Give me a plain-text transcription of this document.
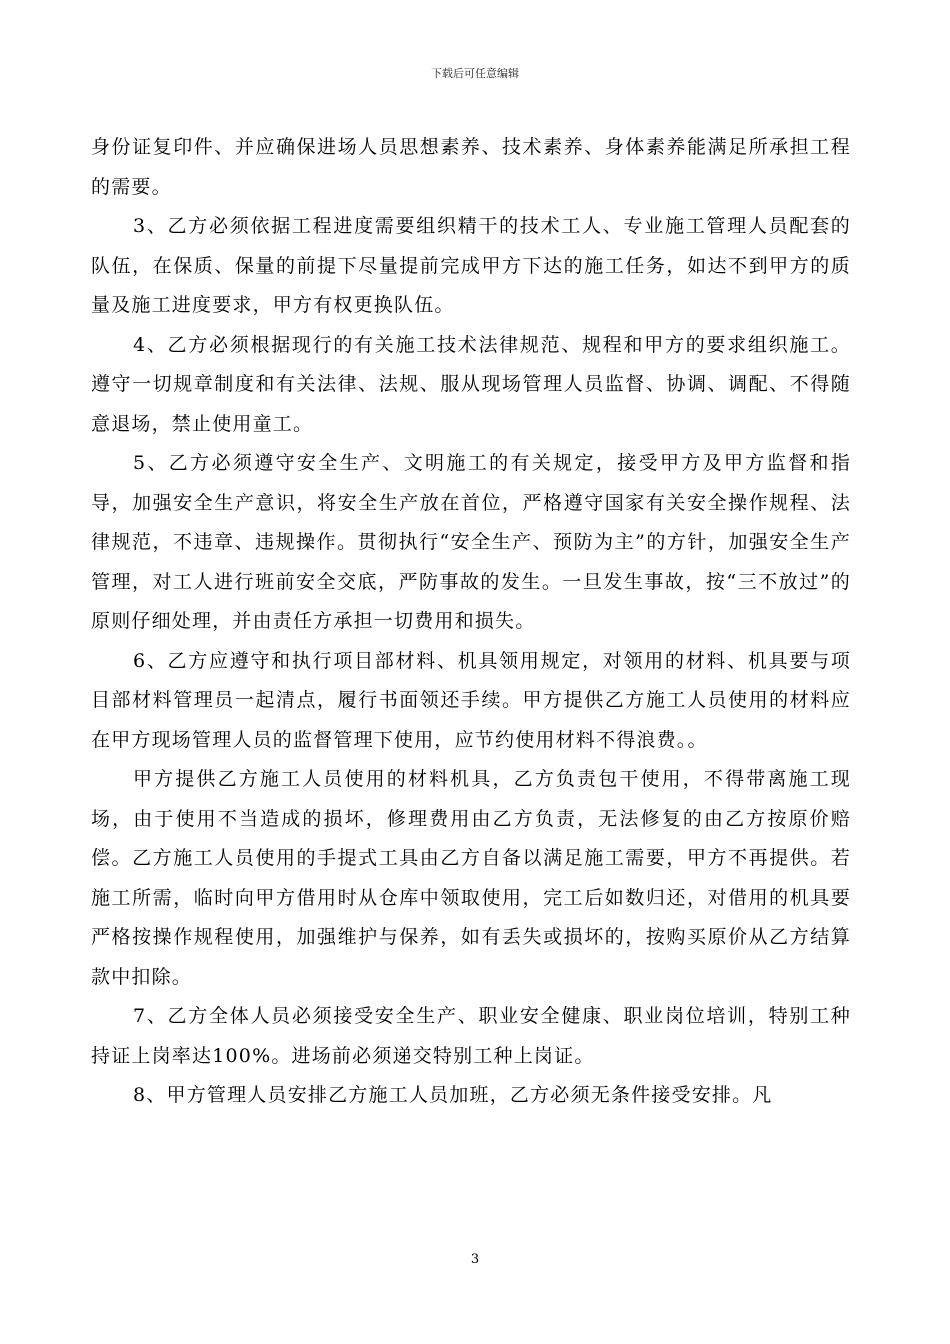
下载后可任意编辑

身份证复印件、并应确保进场人员思想素养、技术素养、身体素养能满足所承担工程的需要。

3、乙方必须依据工程进度需要组织精干的技术工人、专业施工管理人员配套的队伍，在保质、保量的前提下尽量提前完成甲方下达的施工任务，如达不到甲方的质量及施工进度要求，甲方有权更换队伍。

4、乙方必须根据现行的有关施工技术法律规范、规程和甲方的要求组织施工。遵守一切规章制度和有关法律、法规、服从现场管理人员监督、协调、调配、不得随意退场，禁止使用童工。

5、乙方必须遵守安全生产、文明施工的有关规定，接受甲方及甲方监督和指导，加强安全生产意识，将安全生产放在首位，严格遵守国家有关安全操作规程、法律规范，不违章、违规操作。贯彻执行“安全生产、预防为主”的方针，加强安全生产管理，对工人进行班前安全交底，严防事故的发生。一旦发生事故，按“三不放过”的原则仔细处理，并由责任方承担一切费用和损失。

6、乙方应遵守和执行项目部材料、机具领用规定，对领用的材料、机具要与项目部材料管理员一起清点，履行书面领还手续。甲方提供乙方施工人员使用的材料应在甲方现场管理人员的监督管理下使用，应节约使用材料不得浪费。。

甲方提供乙方施工人员使用的材料机具，乙方负责包干使用，不得带离施工现场，由于使用不当造成的损坏，修理费用由乙方负责，无法修复的由乙方按原价赔偿。乙方施工人员使用的手提式工具由乙方自备以满足施工需要，甲方不再提供。若施工所需，临时向甲方借用时从仓库中领取使用，完工后如数归还，对借用的机具要严格按操作规程使用，加强维护与保养，如有丢失或损坏的，按购买原价从乙方结算款中扣除。

7、乙方全体人员必须接受安全生产、职业安全健康、职业岗位培训，特别工种持证上岗率达100%。进场前必须递交特别工种上岗证。

8、甲方管理人员安排乙方施工人员加班，乙方必须无条件接受安排。凡

3
